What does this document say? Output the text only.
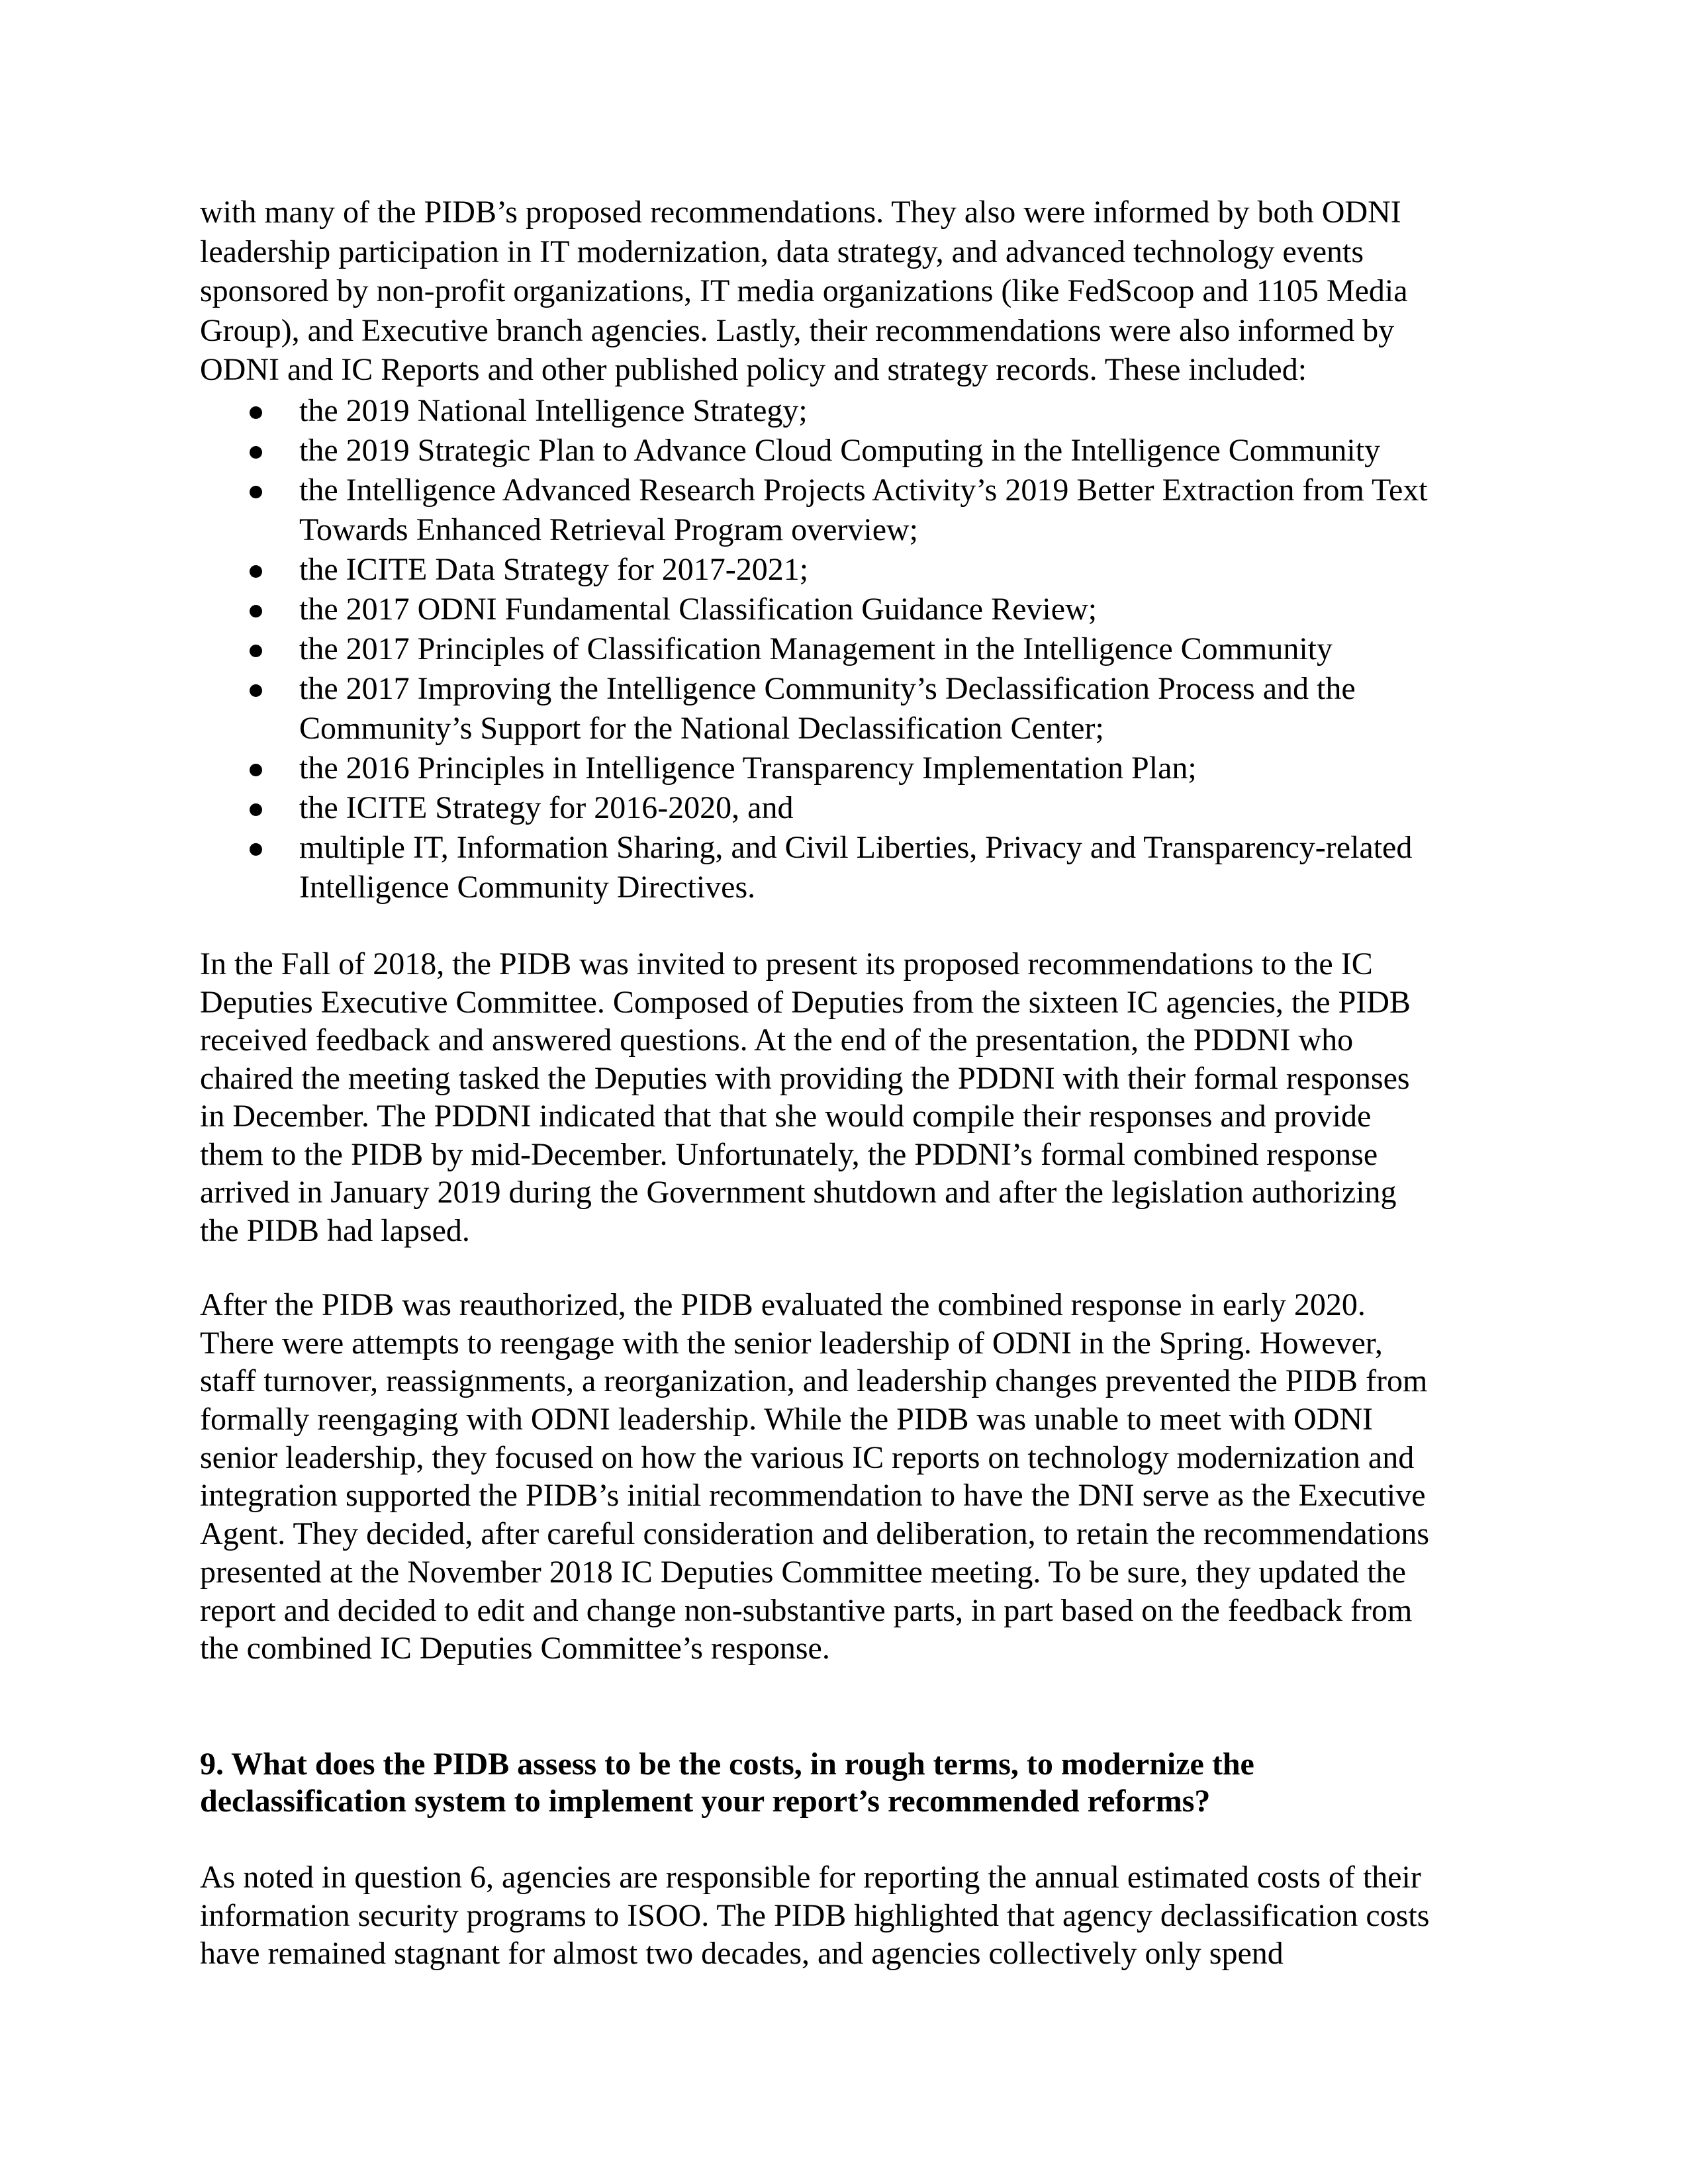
with many of the PIDB’s proposed recommendations. They also were informed by both ODNI
leadership participation in IT modernization, data strategy, and advanced technology events
sponsored by non-profit organizations, IT media organizations (like FedScoop and 1105 Media
Group), and Executive branch agencies. Lastly, their recommendations were also informed by
ODNI and IC Reports and other published policy and strategy records. These included:
the 2019 National Intelligence Strategy;
the 2019 Strategic Plan to Advance Cloud Computing in the Intelligence Community
the Intelligence Advanced Research Projects Activity’s 2019 Better Extraction from Text
Towards Enhanced Retrieval Program overview;
the ICITE Data Strategy for 2017-2021;
the 2017 ODNI Fundamental Classification Guidance Review;
the 2017 Principles of Classification Management in the Intelligence Community
the 2017 Improving the Intelligence Community’s Declassification Process and the
Community’s Support for the National Declassification Center;
the 2016 Principles in Intelligence Transparency Implementation Plan;
the ICITE Strategy for 2016-2020, and
multiple IT, Information Sharing, and Civil Liberties, Privacy and Transparency-related
Intelligence Community Directives.
In the Fall of 2018, the PIDB was invited to present its proposed recommendations to the IC
Deputies Executive Committee. Composed of Deputies from the sixteen IC agencies, the PIDB
received feedback and answered questions. At the end of the presentation, the PDDNI who
chaired the meeting tasked the Deputies with providing the PDDNI with their formal responses
in December. The PDDNI indicated that that she would compile their responses and provide
them to the PIDB by mid-December. Unfortunately, the PDDNI’s formal combined response
arrived in January 2019 during the Government shutdown and after the legislation authorizing
the PIDB had lapsed.
After the PIDB was reauthorized, the PIDB evaluated the combined response in early 2020.
There were attempts to reengage with the senior leadership of ODNI in the Spring. However,
staff turnover, reassignments, a reorganization, and leadership changes prevented the PIDB from
formally reengaging with ODNI leadership. While the PIDB was unable to meet with ODNI
senior leadership, they focused on how the various IC reports on technology modernization and
integration supported the PIDB’s initial recommendation to have the DNI serve as the Executive
Agent. They decided, after careful consideration and deliberation, to retain the recommendations
presented at the November 2018 IC Deputies Committee meeting. To be sure, they updated the
report and decided to edit and change non-substantive parts, in part based on the feedback from
the combined IC Deputies Committee’s response.
9. What does the PIDB assess to be the costs, in rough terms, to modernize the
declassification system to implement your report’s recommended reforms?
As noted in question 6, agencies are responsible for reporting the annual estimated costs of their
information security programs to ISOO. The PIDB highlighted that agency declassification costs
have remained stagnant for almost two decades, and agencies collectively only spend
